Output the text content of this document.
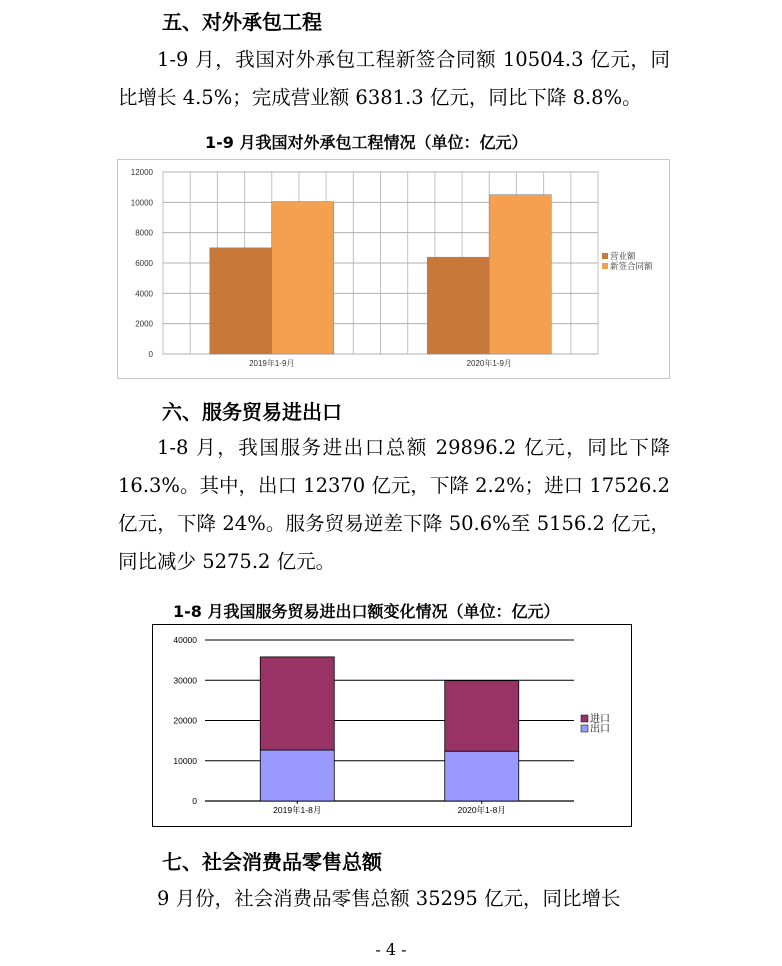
五、对外承包工程
1-9 月，我国对外承包工程新签合同额 10504.3 亿元，同比增长 4.5%；完成营业额 6381.3 亿元，同比下降 8.8%。
1-9 月我国对外承包工程情况（单位：亿元）
0
2000
4000
6000
8000
10000
12000
2019年1-9月	2020年1-9月
营业额
新签合同额
六、服务贸易进出口
1-8 月，我国服务进出口总额 29896.2 亿元，同比下降 16.3%。其中，出口 12370 亿元，下降 2.2%；进口 17526.2 亿元，下降 24%。服务贸易逆差下降 50.6%至 5156.2 亿元，同比减少 5275.2 亿元。
1-8 月我国服务贸易进出口额变化情况（单位：亿元）
0
10000
20000
30000
40000
2019年1-8月	2020年1-8月
进口
出口
七、社会消费品零售总额
9 月份，社会消费品零售总额 35295 亿元，同比增长
- 4 -
